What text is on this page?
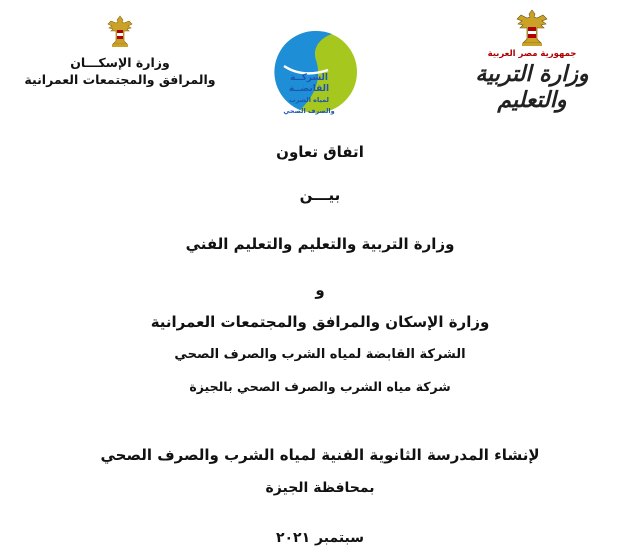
وزارة الإسكـــان
والمرافق والمجتمعات العمرانية	الشركــة القابضــة
لمياه الشرب والصرف الصحي
جمهورية مصر العربية
وزارة التربية والتعليم
اتفاق تعاون
بيـــن
وزارة التربية والتعليم والتعليم الفني
و
وزارة الإسكان والمرافق والمجتمعات العمرانية
الشركة القابضة لمياه الشرب والصرف الصحي
شركة مياه الشرب والصرف الصحي بالجيزة
لإنشاء المدرسة الثانوية الفنية لمياه الشرب والصرف الصحي
بمحافظة الجيزة
سبتمبر ٢٠٢١
